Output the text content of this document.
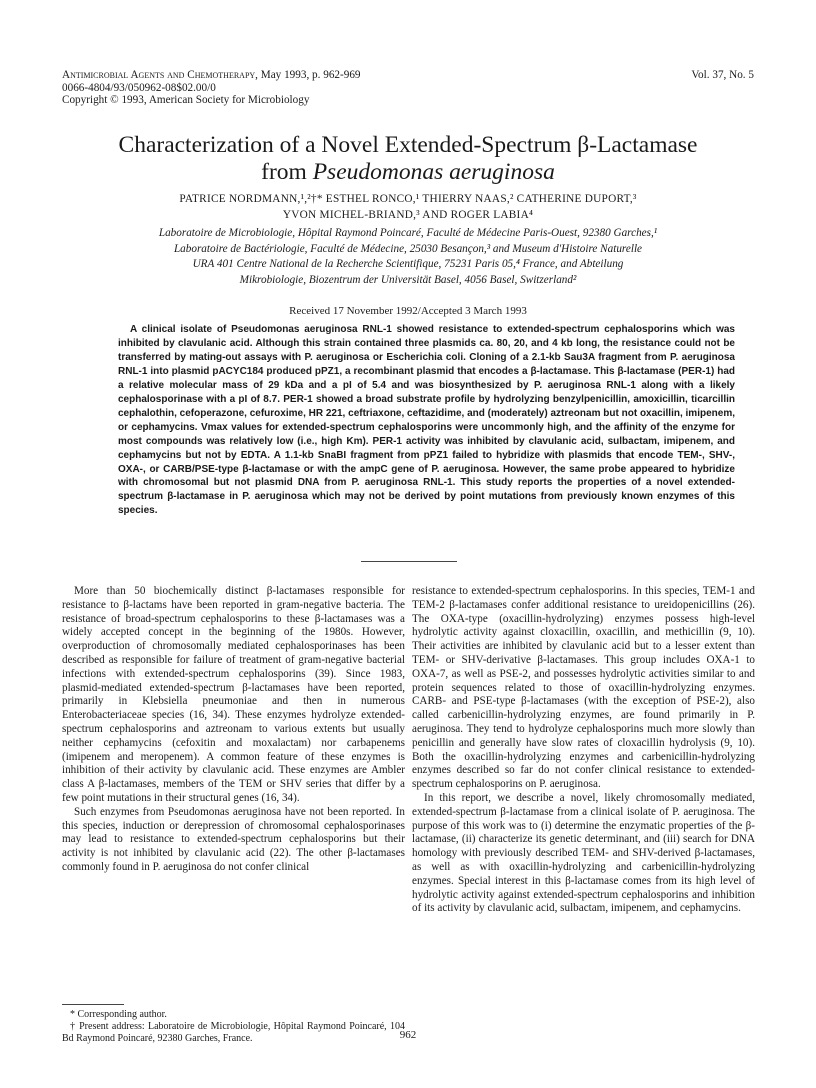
Antimicrobial Agents and Chemotherapy, May 1993, p. 962-969	Vol. 37, No. 5
0066-4804/93/050962-08$02.00/0
Copyright © 1993, American Society for Microbiology
Characterization of a Novel Extended-Spectrum β-Lactamase
from Pseudomonas aeruginosa
PATRICE NORDMANN,¹,²†* ESTHEL RONCO,¹ THIERRY NAAS,² CATHERINE DUPORT,³
YVON MICHEL-BRIAND,³ AND ROGER LABIA⁴
Laboratoire de Microbiologie, Hôpital Raymond Poincaré, Faculté de Médecine Paris-Ouest, 92380 Garches,¹
Laboratoire de Bactériologie, Faculté de Médecine, 25030 Besançon,³ and Museum d'Histoire Naturelle
URA 401 Centre National de la Recherche Scientifique, 75231 Paris 05,⁴ France, and Abteilung
Mikrobiologie, Biozentrum der Universität Basel, 4056 Basel, Switzerland²
Received 17 November 1992/Accepted 3 March 1993

A clinical isolate of Pseudomonas aeruginosa RNL-1 showed resistance to extended-spectrum cephalosporins which was inhibited by clavulanic acid. Although this strain contained three plasmids ca. 80, 20, and 4 kb long, the resistance could not be transferred by mating-out assays with P. aeruginosa or Escherichia coli. Cloning of a 2.1-kb Sau3A fragment from P. aeruginosa RNL-1 into plasmid pACYC184 produced pPZ1, a recombinant plasmid that encodes a β-lactamase. This β-lactamase (PER-1) had a relative molecular mass of 29 kDa and a pI of 5.4 and was biosynthesized by P. aeruginosa RNL-1 along with a likely cephalosporinase with a pI of 8.7. PER-1 showed a broad substrate profile by hydrolyzing benzylpenicillin, amoxicillin, ticarcillin cephalothin, cefoperazone, cefuroxime, HR 221, ceftriaxone, ceftazidime, and (moderately) aztreonam but not oxacillin, imipenem, or cephamycins. Vmax values for extended-spectrum cephalosporins were uncommonly high, and the affinity of the enzyme for most compounds was relatively low (i.e., high Km). PER-1 activity was inhibited by clavulanic acid, sulbactam, imipenem, and cephamycins but not by EDTA. A 1.1-kb SnaBI fragment from pPZ1 failed to hybridize with plasmids that encode TEM-, SHV-, OXA-, or CARB/PSE-type β-lactamase or with the ampC gene of P. aeruginosa. However, the same probe appeared to hybridize with chromosomal but not plasmid DNA from P. aeruginosa RNL-1. This study reports the properties of a novel extended-spectrum β-lactamase in P. aeruginosa which may not be derived by point mutations from previously known enzymes of this species.

More than 50 biochemically distinct β-lactamases responsible for resistance to β-lactams have been reported in gram-negative bacteria. The resistance of broad-spectrum cephalosporins to these β-lactamases was a widely accepted concept in the beginning of the 1980s. However, overproduction of chromosomally mediated cephalosporinases has been described as responsible for failure of treatment of gram-negative bacterial infections with extended-spectrum cephalosporins (39). Since 1983, plasmid-mediated extended-spectrum β-lactamases have been reported, primarily in Klebsiella pneumoniae and then in numerous Enterobacteriaceae species (16, 34). These enzymes hydrolyze extended-spectrum cephalosporins and aztreonam to various extents but usually neither cephamycins (cefoxitin and moxalactam) nor carbapenems (imipenem and meropenem). A common feature of these enzymes is inhibition of their activity by clavulanic acid. These enzymes are Ambler class A β-lactamases, members of the TEM or SHV series that differ by a few point mutations in their structural genes (16, 34).

Such enzymes from Pseudomonas aeruginosa have not been reported. In this species, induction or derepression of chromosomal cephalosporinases may lead to resistance to extended-spectrum cephalosporins but their activity is not inhibited by clavulanic acid (22). The other β-lactamases commonly found in P. aeruginosa do not confer clinical

resistance to extended-spectrum cephalosporins. In this species, TEM-1 and TEM-2 β-lactamases confer additional resistance to ureidopenicillins (26). The OXA-type (oxacillin-hydrolyzing) enzymes possess high-level hydrolytic activity against cloxacillin, oxacillin, and methicillin (9, 10). Their activities are inhibited by clavulanic acid but to a lesser extent than TEM- or SHV-derivative β-lactamases. This group includes OXA-1 to OXA-7, as well as PSE-2, and possesses hydrolytic activities similar to and protein sequences related to those of oxacillin-hydrolyzing enzymes. CARB- and PSE-type β-lactamases (with the exception of PSE-2), also called carbenicillin-hydrolyzing enzymes, are found primarily in P. aeruginosa. They tend to hydrolyze cephalosporins much more slowly than penicillin and generally have slow rates of cloxacillin hydrolysis (9, 10). Both the oxacillin-hydrolyzing enzymes and carbenicillin-hydrolyzing enzymes described so far do not confer clinical resistance to extended-spectrum cephalosporins on P. aeruginosa.

In this report, we describe a novel, likely chromosomally mediated, extended-spectrum β-lactamase from a clinical isolate of P. aeruginosa. The purpose of this work was to (i) determine the enzymatic properties of the β-lactamase, (ii) characterize its genetic determinant, and (iii) search for DNA homology with previously described TEM- and SHV-derived β-lactamases, as well as with oxacillin-hydrolyzing and carbenicillin-hydrolyzing enzymes. Special interest in this β-lactamase comes from its high level of hydrolytic activity against extended-spectrum cephalosporins and inhibition of its activity by clavulanic acid, sulbactam, imipenem, and cephamycins.

* Corresponding author.

† Present address: Laboratoire de Microbiologie, Hôpital Raymond Poincaré, 104 Bd Raymond Poincaré, 92380 Garches, France.	962
